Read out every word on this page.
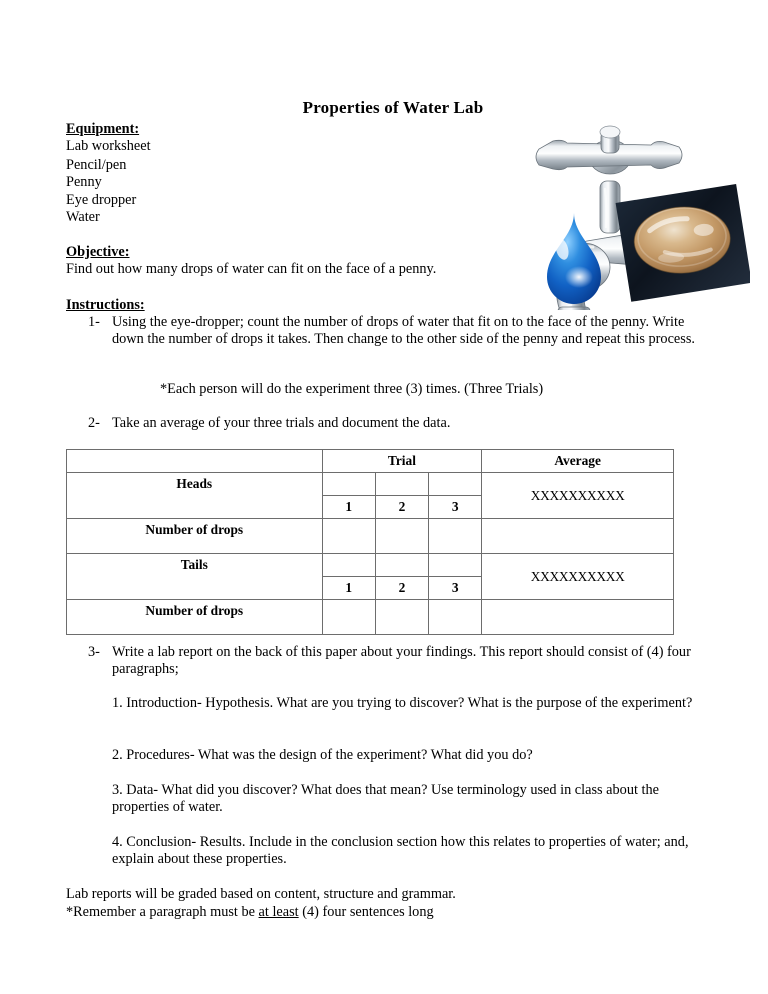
Properties of Water Lab
Equipment:
Lab worksheet
Pencil/pen
Penny
Eye dropper
Water
Objective:
Find out how many drops of water can fit on the face of a penny.
Instructions:
1- Using the eye-dropper; count the number of drops of water that fit on to the face of the penny. Write down the number of drops it takes. Then change to the other side of the penny and repeat this process.
*Each person will do the experiment three (3) times. (Three Trials)
2- Take an average of your three trials and document the data.
	Trial			Average
Heads				XXXXXXXXXX
	1	2	3	
Number of drops				

Tails				XXXXXXXXXX
	1	2	3	
Number of drops				

3- Write a lab report on the back of this paper about your findings. This report should consist of (4) four paragraphs;
1. Introduction- Hypothesis. What are you trying to discover? What is the purpose of the experiment?
2. Procedures- What was the design of the experiment? What did you do?
3. Data- What did you discover? What does that mean? Use terminology used in class about the properties of water.
4. Conclusion- Results. Include in the conclusion section how this relates to properties of water; and, explain about these properties.
Lab reports will be graded based on content, structure and grammar.
*Remember a paragraph must be at least (4) four sentences long
